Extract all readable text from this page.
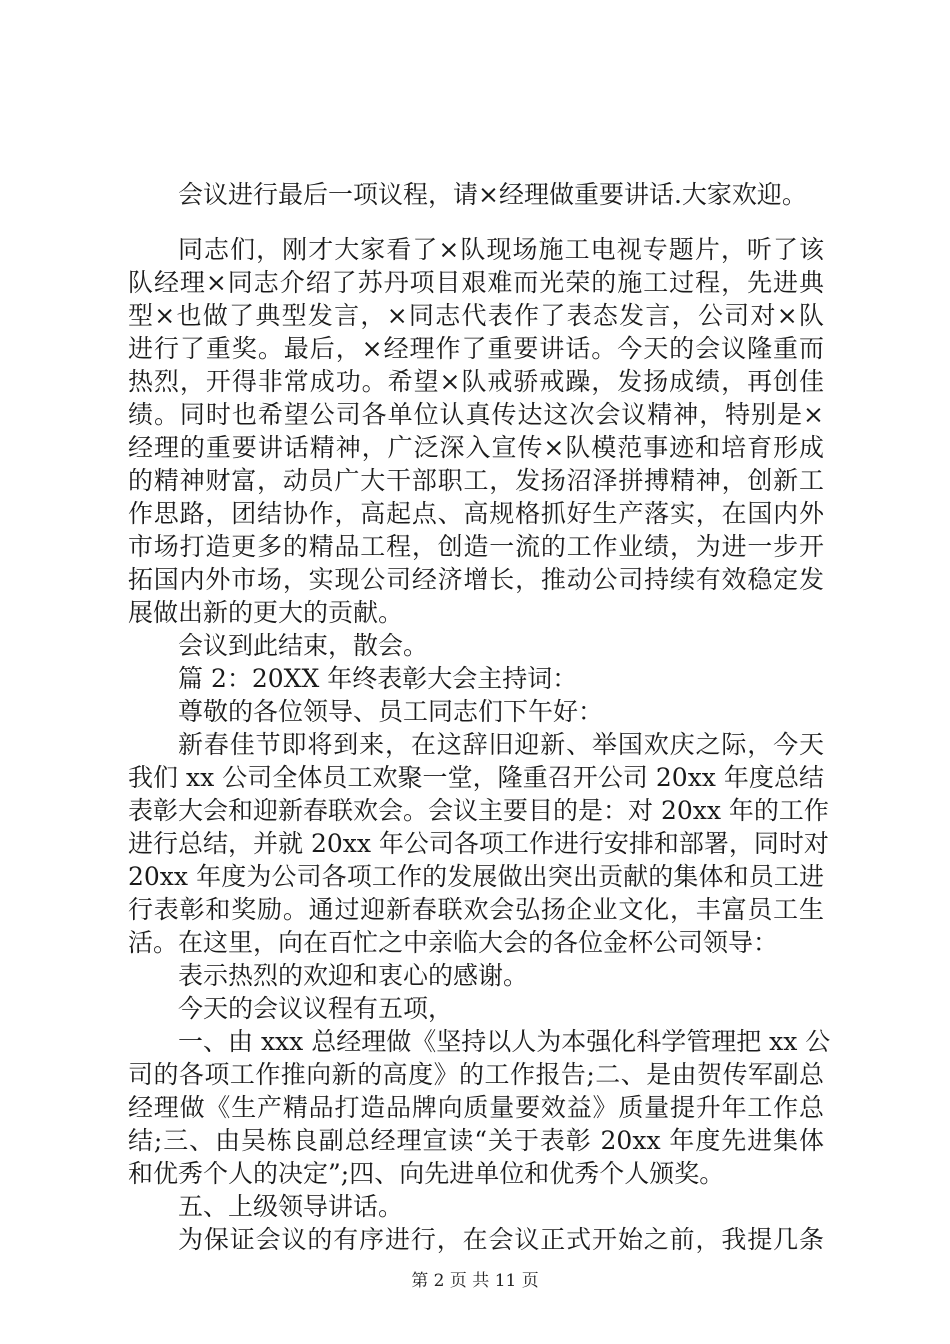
会议进行最后一项议程，请×经理做重要讲话.大家欢迎。
同志们，刚才大家看了×队现场施工电视专题片，听了该
队经理×同志介绍了苏丹项目艰难而光荣的施工过程，先进典
型×也做了典型发言，×同志代表作了表态发言，公司对×队
进行了重奖。最后，×经理作了重要讲话。今天的会议隆重而
热烈，开得非常成功。希望×队戒骄戒躁，发扬成绩，再创佳
绩。同时也希望公司各单位认真传达这次会议精神，特别是×
经理的重要讲话精神，广泛深入宣传×队模范事迹和培育形成
的精神财富，动员广大干部职工，发扬沼泽拼搏精神，创新工
作思路，团结协作，高起点、高规格抓好生产落实，在国内外
市场打造更多的精品工程，创造一流的工作业绩，为进一步开
拓国内外市场，实现公司经济增长，推动公司持续有效稳定发
展做出新的更大的贡献。
会议到此结束，散会。
篇 2：20XX 年终表彰大会主持词：
尊敬的各位领导、员工同志们下午好：
新春佳节即将到来，在这辞旧迎新、举国欢庆之际，今天
我们 xx 公司全体员工欢聚一堂，隆重召开公司 20xx 年度总结
表彰大会和迎新春联欢会。会议主要目的是：对 20xx 年的工作
进行总结，并就 20xx 年公司各项工作进行安排和部署，同时对
20xx 年度为公司各项工作的发展做出突出贡献的集体和员工进
行表彰和奖励。通过迎新春联欢会弘扬企业文化，丰富员工生
活。在这里，向在百忙之中亲临大会的各位金杯公司领导：
表示热烈的欢迎和衷心的感谢。
今天的会议议程有五项，
一、由 xxx 总经理做《坚持以人为本强化科学管理把 xx 公
司的各项工作推向新的高度》的工作报告;二、是由贺传军副总
经理做《生产精品打造品牌向质量要效益》质量提升年工作总
结;三、由吴栋良副总经理宣读“关于表彰 20xx 年度先进集体
和优秀个人的决定”;四、向先进单位和优秀个人颁奖。
五、上级领导讲话。
为保证会议的有序进行，在会议正式开始之前，我提几条
第 2 页 共 11 页
